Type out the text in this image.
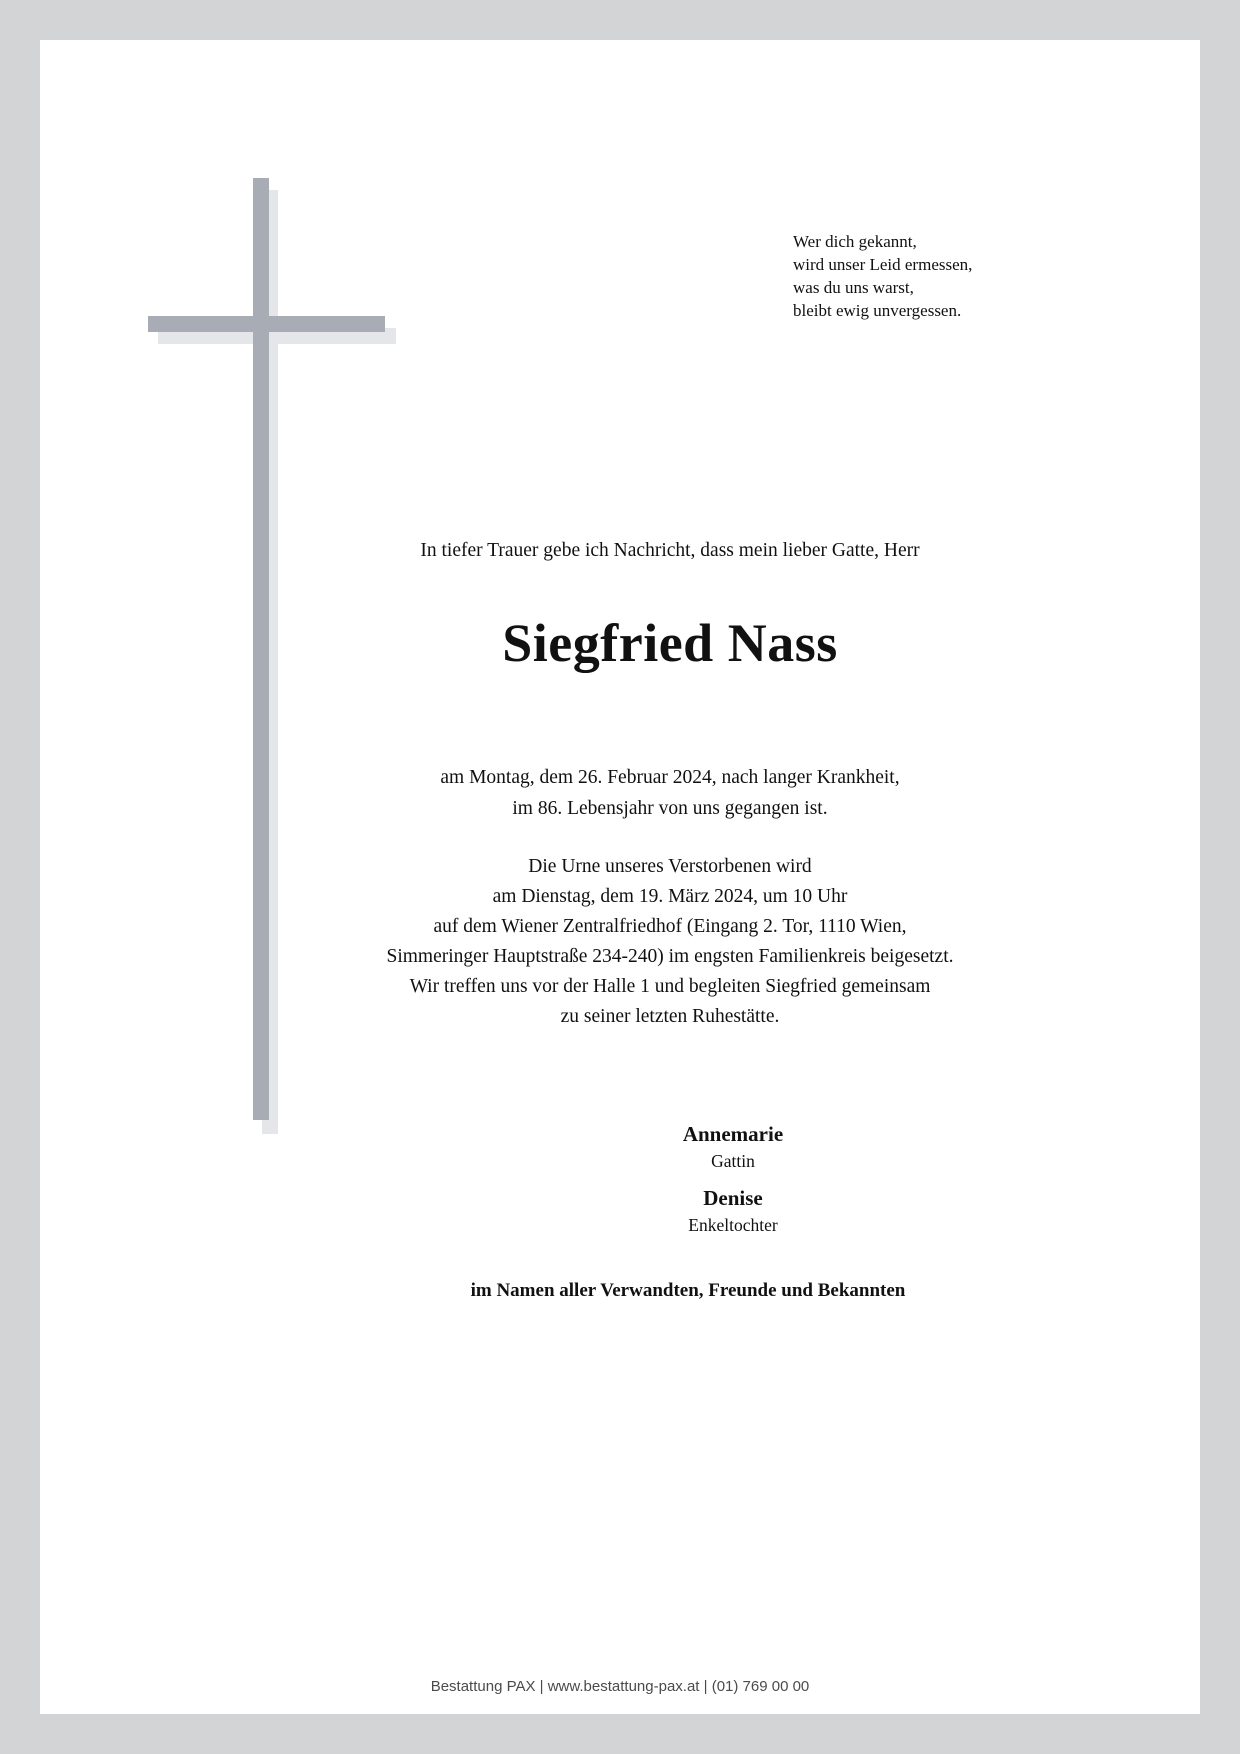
Wer dich gekannt,
wird unser Leid ermessen,
was du uns warst,
bleibt ewig unvergessen.
In tiefer Trauer gebe ich Nachricht, dass mein lieber Gatte, Herr
Siegfried Nass
am Montag, dem 26. Februar 2024, nach langer Krankheit,
im 86. Lebensjahr von uns gegangen ist.
Die Urne unseres Verstorbenen wird
am Dienstag, dem 19. März 2024, um 10 Uhr
auf dem Wiener Zentralfriedhof (Eingang 2. Tor, 1110 Wien,
Simmeringer Hauptstraße 234-240) im engsten Familienkreis beigesetzt.
Wir treffen uns vor der Halle 1 und begleiten Siegfried gemeinsam
zu seiner letzten Ruhestätte.
Annemarie
Gattin
Denise
Enkeltochter
im Namen aller Verwandten, Freunde und Bekannten
Bestattung PAX | www.bestattung-pax.at | (01) 769 00 00
